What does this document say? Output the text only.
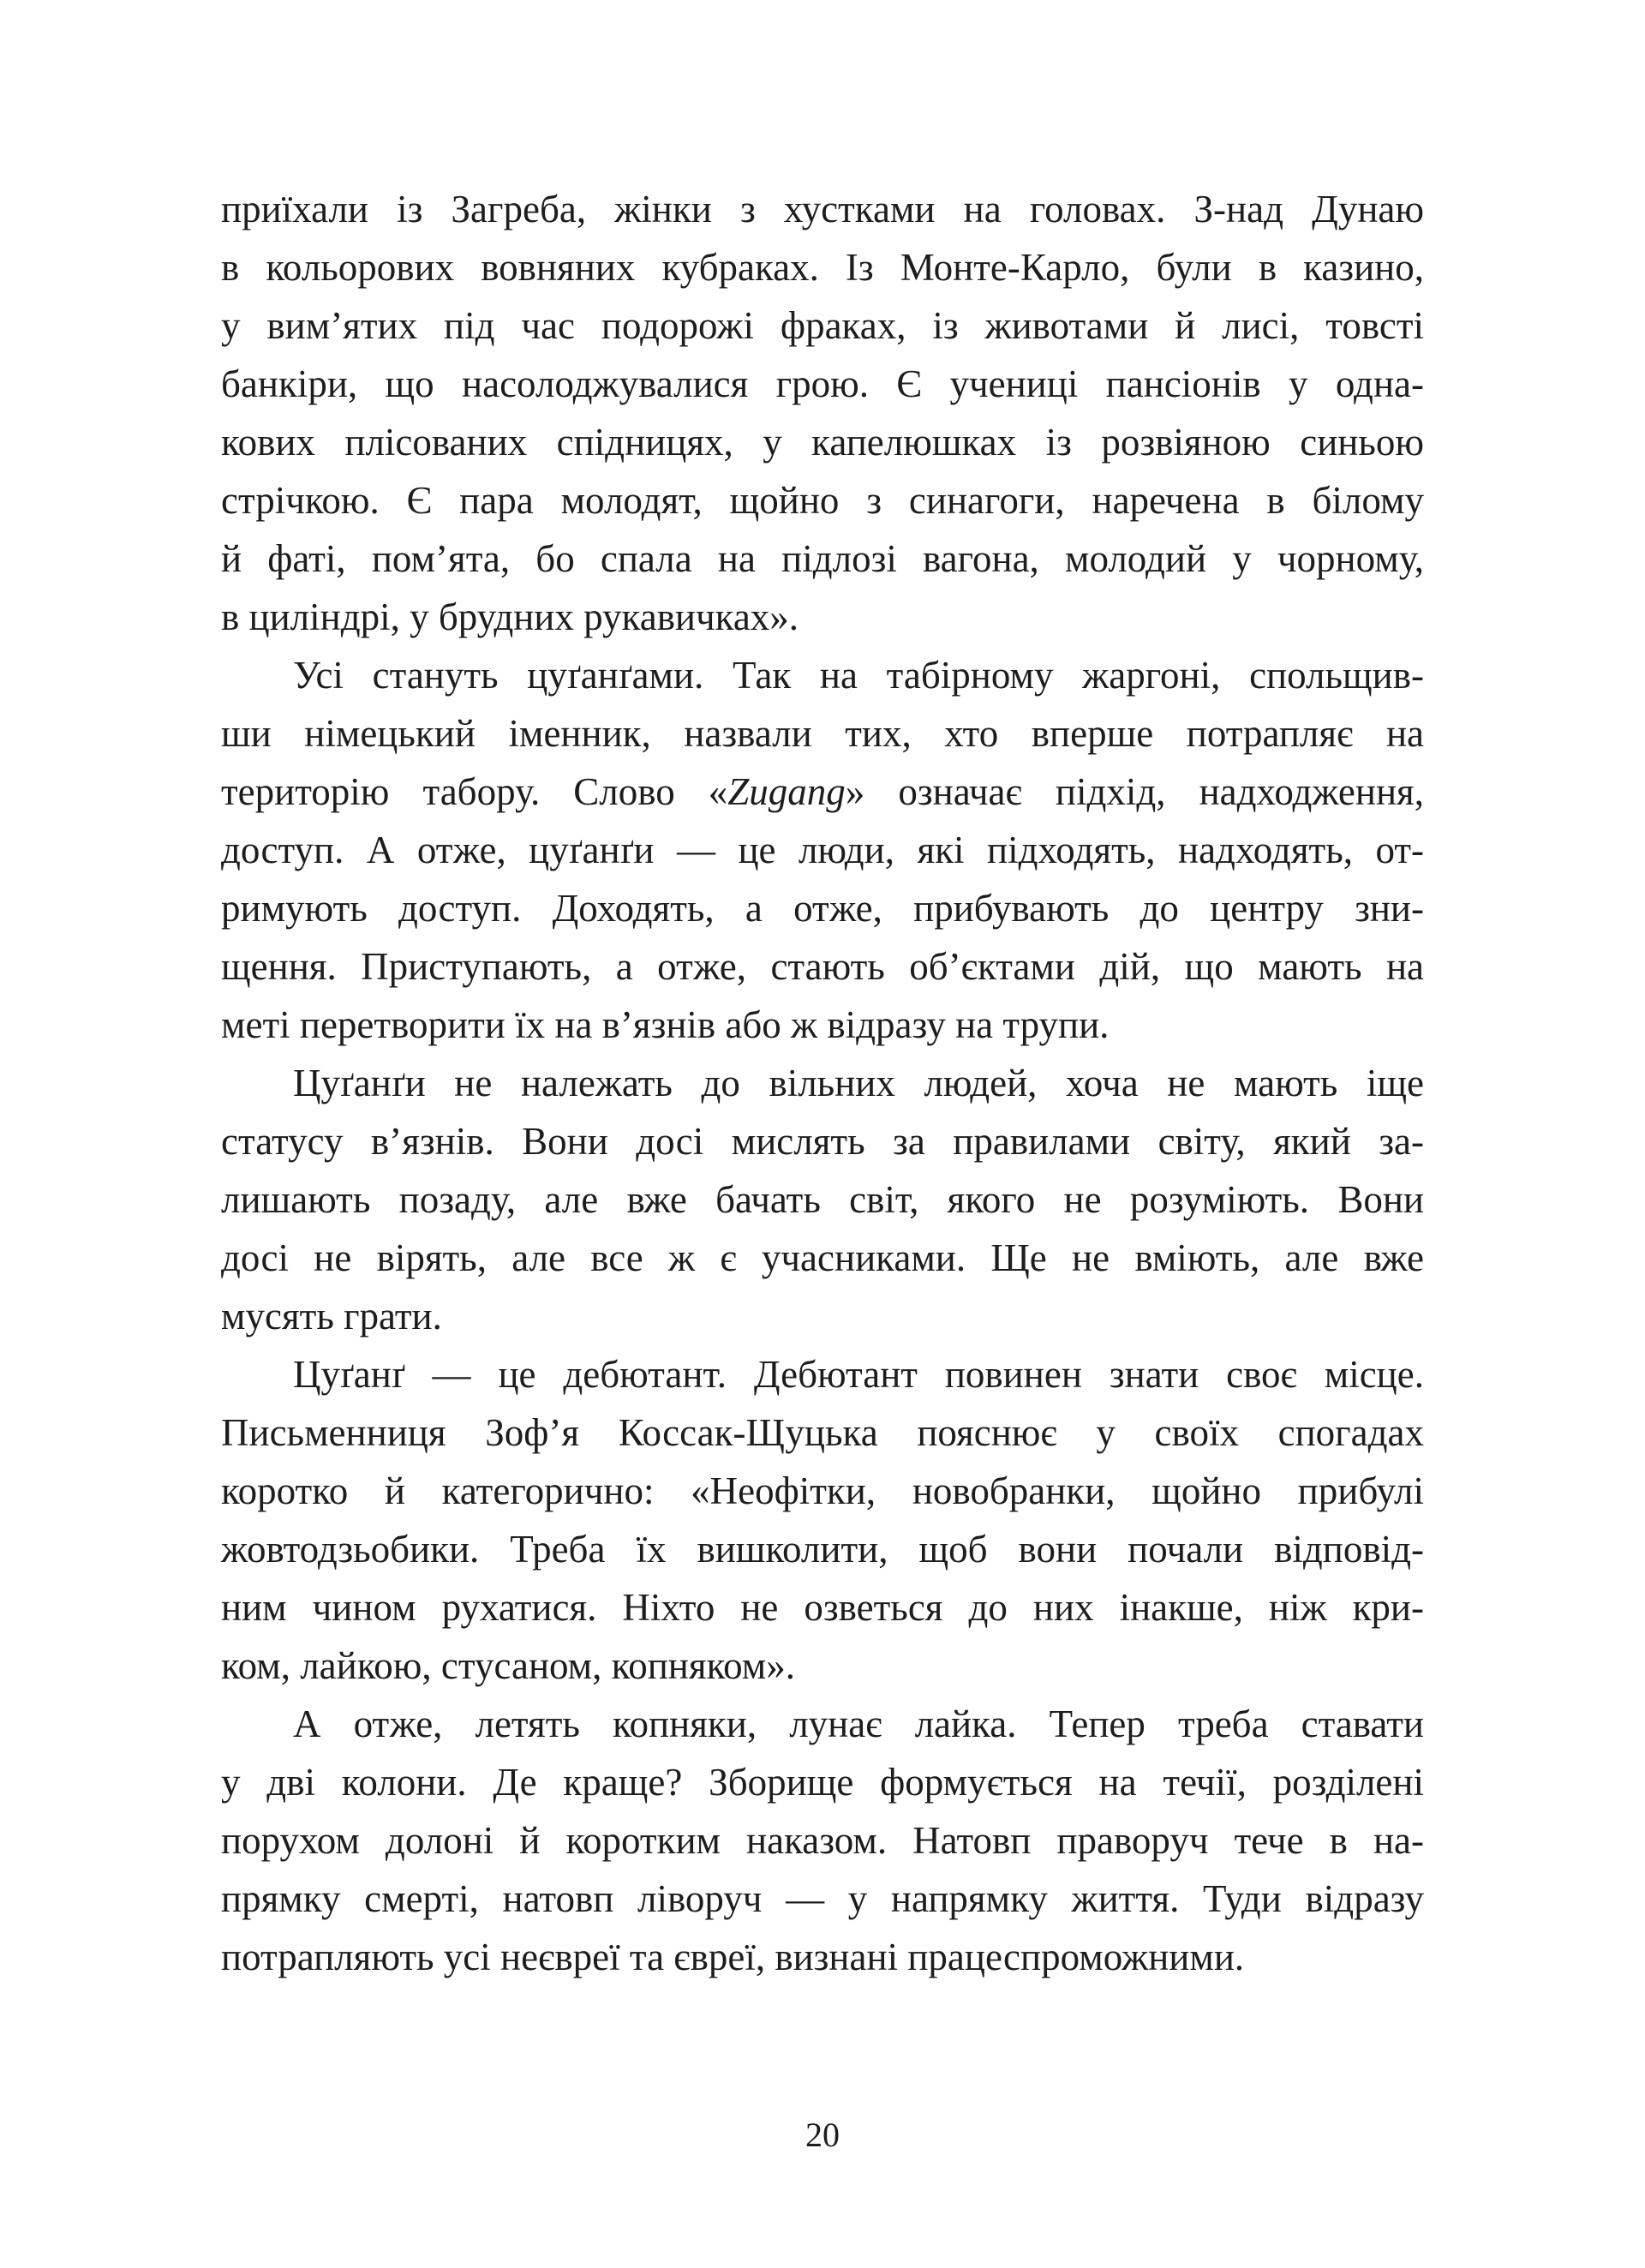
приїхали із Загреба, жінки з хустками на головах. З-над Дунаю
в кольорових вовняних кубраках. Із Монте-Карло, були в казино,
у вим’ятих під час подорожі фраках, із животами й лисі, товсті
банкіри, що насолоджувалися грою. Є учениці пансіонів у одна-
кових плісованих спідницях, у капелюшках із розвіяною синьою
стрічкою. Є пара молодят, щойно з синагоги, наречена в білому
й фаті, пом’ята, бо спала на підлозі вагона, молодий у чорному,
в циліндрі, у брудних рукавичках».
Усі стануть цуґанґами. Так на табірному жаргоні, спольщив-
ши німецький іменник, назвали тих, хто вперше потрапляє на
територію табору. Слово «Zugang» означає підхід, надходження,
доступ. А отже, цуґанґи — це люди, які підходять, надходять, от-
римують доступ. Доходять, а отже, прибувають до центру зни-
щення. Приступають, а отже, стають об’єктами дій, що мають на
меті перетворити їх на в’язнів або ж відразу на трупи.
Цуґанґи не належать до вільних людей, хоча не мають іще
статусу в’язнів. Вони досі мислять за правилами світу, який за-
лишають позаду, але вже бачать світ, якого не розуміють. Вони
досі не вірять, але все ж є учасниками. Ще не вміють, але вже
мусять грати.
Цуґанґ — це дебютант. Дебютант повинен знати своє місце.
Письменниця Зоф’я Коссак-Щуцька пояснює у своїх спогадах
коротко й категорично: «Неофітки, новобранки, щойно прибулі
жовтодзьобики. Треба їх вишколити, щоб вони почали відповід-
ним чином рухатися. Ніхто не озветься до них інакше, ніж кри-
ком, лайкою, стусаном, копняком».
А отже, летять копняки, лунає лайка. Тепер треба ставати
у дві колони. Де краще? Зборище формується на течії, розділені
порухом долоні й коротким наказом. Натовп праворуч тече в на-
прямку смерті, натовп ліворуч — у напрямку життя. Туди відразу
потрапляють усі неєвреї та євреї, визнані працеспроможними.
20
